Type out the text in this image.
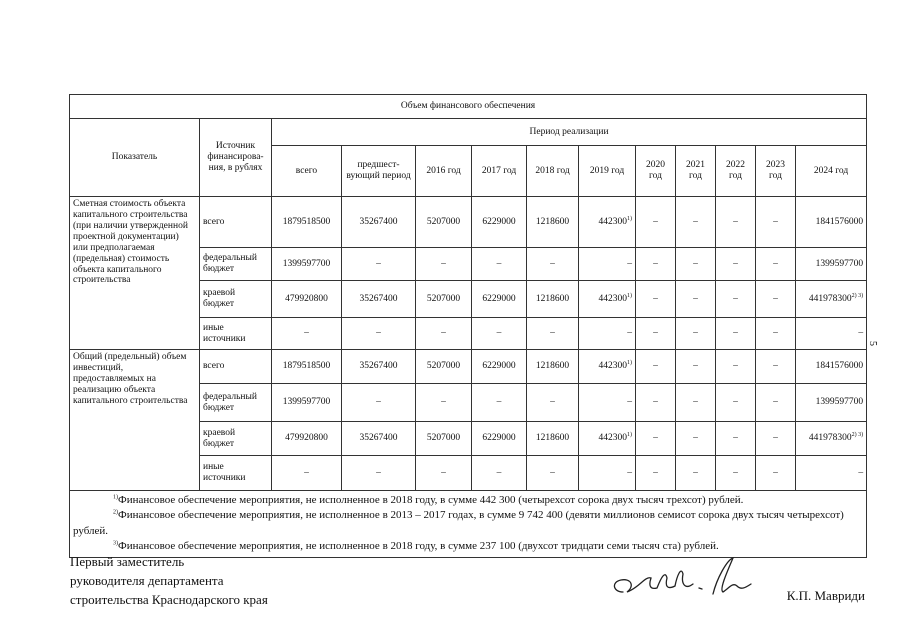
Объем финансового обеспечения												
Показатель	Источник финансирова-ния, в рублях	Период реализации										
		всего	предшест-вующий период	2016 год	2017 год	2018 год	2019 год	2020 год	2021 год	2022 год	2023 год	2024 год
Сметная стоимость объекта капитального строительства (при наличии утвержденной проектной документации) или предполагаемая (предельная) стоимость объекта капитального строительства	всего	1879518500	35267400	5207000	6229000	1218600	442300$^{1)}$	–	–	–	–	1841576000
	федеральный бюджет	1399597700	–	–	–	–	–	–	–	–	–	1399597700
	краевой бюджет	479920800	35267400	5207000	6229000	1218600	442300$^{1)}$	–	–	–	–	$441978300^{2) 3)}$
	иные источники	–	–	–	–	–	–	–	–	–	–	–
Общий (предельный) объем инвестиций, предоставляемых на реализацию объекта капитального строительства	всего	1879518500	35267400	5207000	6229000	1218600	442300$^{1)}$	–	–	–	–	1841576000
	федеральный бюджет	1399597700	–	–	–	–	–	–	–	–	–	1399597700
	краевой бюджет	479920800	35267400	5207000	6229000	1218600	442300$^{1)}$	–	–	–	–	$441978300^{2) 3)}$
	иные источники	–	–	–	–	–	–	–	–	–	–	–

$^{1)}$Финансовое обеспечение мероприятия, не исполненное в 2018 году, в сумме 442 300 (четырехсот сорока двух тысяч трехсот) рублей.

$^{2)}$Финансовое обеспечение мероприятия, не исполненное в 2013 – 2017 годах, в сумме 9 742 400 (девяти миллионов семисот сорока двух тысяч четырехсот) рублей.

$^{3)}$Финансовое обеспечение мероприятия, не исполненное в 2018 году, в сумме 237 100 (двухсот тридцати семи тысяч ста) рублей.												

Первый заместитель
руководителя департамента
строительства Краснодарского края	К.П. Мавриди
5
